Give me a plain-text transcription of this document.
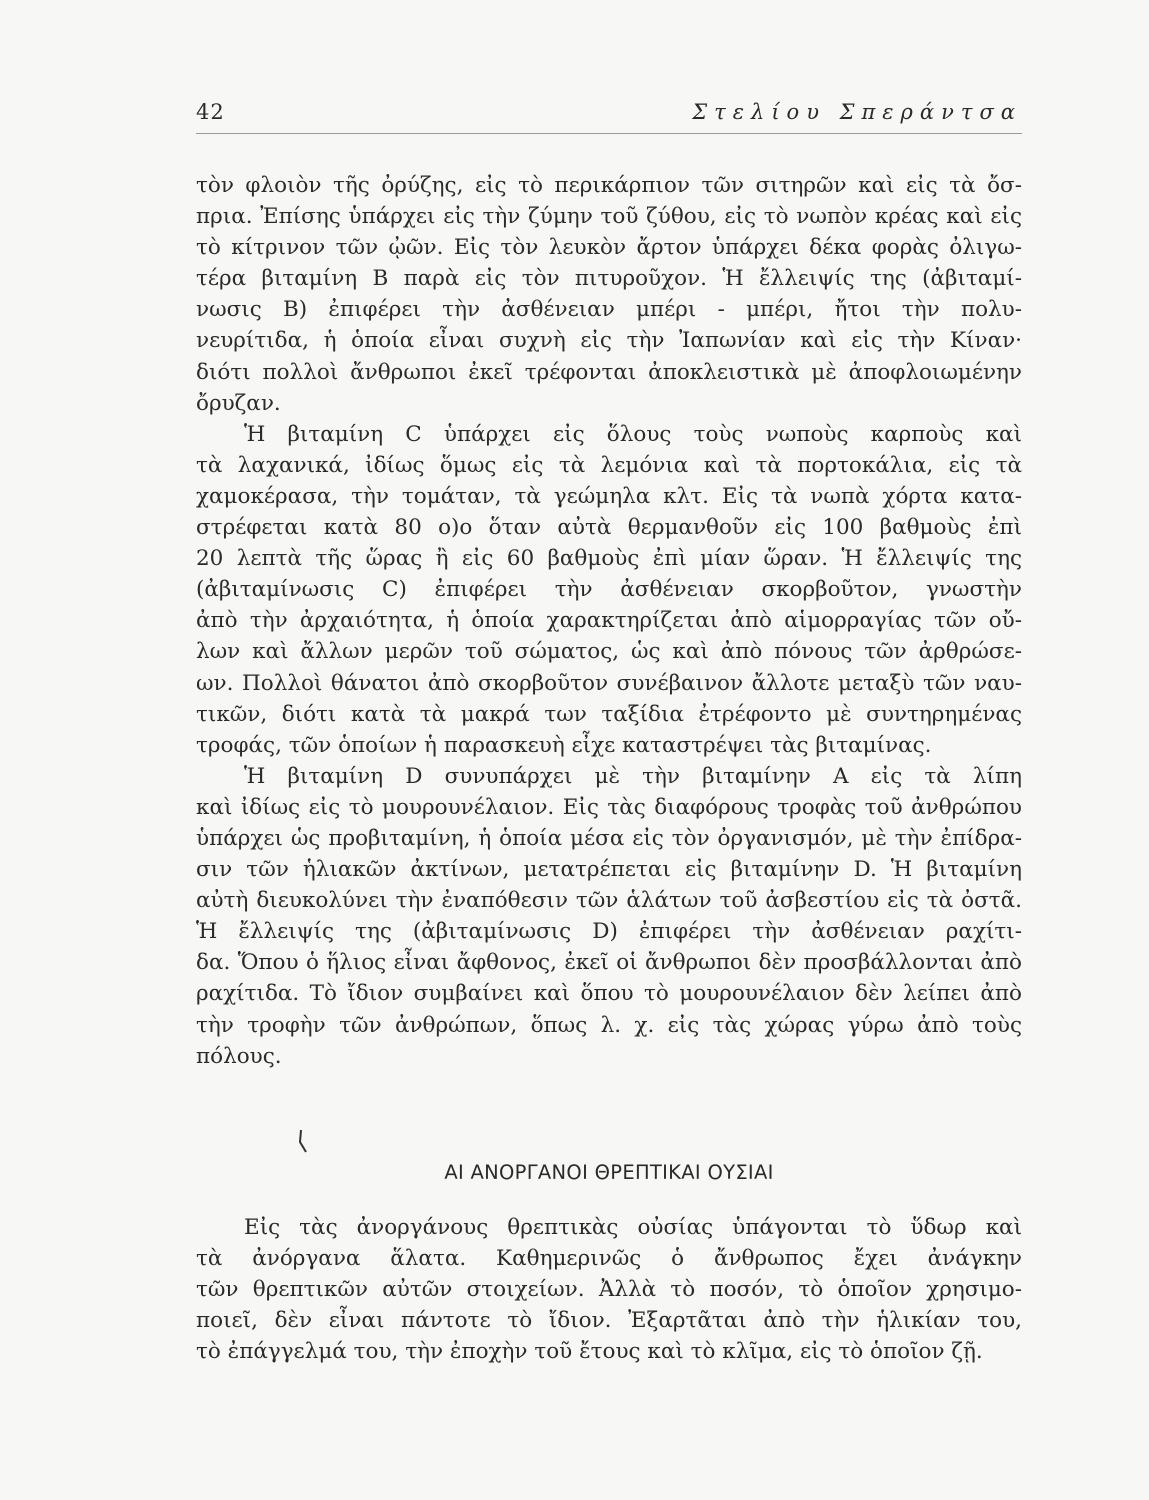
42	Στελίου Σπεράντσα
τὸν φλοιὸν τῆς ὀρύζης, εἰς τὸ περικάρπιον τῶν σιτηρῶν καὶ εἰς τὰ ὄσ-
πρια. Ἐπίσης ὑπάρχει εἰς τὴν ζύμην τοῦ ζύθου, εἰς τὸ νωπὸν κρέας καὶ εἰς
τὸ κίτρινον τῶν ᾠῶν. Εἰς τὸν λευκὸν ἄρτον ὑπάρχει δέκα φορὰς ὀλιγω-
τέρα βιταμίνη B παρὰ εἰς τὸν πιτυροῦχον. Ἡ ἔλλειψίς της (ἀβιταμί-
νωσις B) ἐπιφέρει τὴν ἀσθένειαν μπέρι - μπέρι, ἤτοι τὴν πολυ-
νευρίτιδα, ἡ ὁποία εἶναι συχνὴ εἰς τὴν Ἰαπωνίαν καὶ εἰς τὴν Κίναν·
διότι πολλοὶ ἄνθρωποι ἐκεῖ τρέφονται ἀποκλειστικὰ μὲ ἀποφλοιωμένην
ὄρυζαν.
Ἡ βιταμίνη C ὑπάρχει εἰς ὅλους τοὺς νωποὺς καρποὺς καὶ
τὰ λαχανικά, ἰδίως ὅμως εἰς τὰ λεμόνια καὶ τὰ πορτοκάλια, εἰς τὰ
χαμοκέρασα, τὴν τομάταν, τὰ γεώμηλα κλτ. Εἰς τὰ νωπὰ χόρτα κατα-
στρέφεται κατὰ 80 ο)ο ὅταν αὐτὰ θερμανθοῦν εἰς 100 βαθμοὺς ἐπὶ
20 λεπτὰ τῆς ὥρας ἢ εἰς 60 βαθμοὺς ἐπὶ μίαν ὥραν. Ἡ ἔλλειψίς της
(ἀβιταμίνωσις C) ἐπιφέρει τὴν ἀσθένειαν σκορβοῦτον, γνωστὴν
ἀπὸ τὴν ἀρχαιότητα, ἡ ὁποία χαρακτηρίζεται ἀπὸ αἱμορραγίας τῶν οὔ-
λων καὶ ἄλλων μερῶν τοῦ σώματος, ὡς καὶ ἀπὸ πόνους τῶν ἀρθρώσε-
ων. Πολλοὶ θάνατοι ἀπὸ σκορβοῦτον συνέβαινον ἄλλοτε μεταξὺ τῶν ναυ-
τικῶν, διότι κατὰ τὰ μακρά των ταξίδια ἐτρέφοντο μὲ συντηρημένας
τροφάς, τῶν ὁποίων ἡ παρασκευὴ εἶχε καταστρέψει τὰς βιταμίνας.
Ἡ βιταμίνη D συνυπάρχει μὲ τὴν βιταμίνην A εἰς τὰ λίπη
καὶ ἰδίως εἰς τὸ μουρουνέλαιον. Εἰς τὰς διαφόρους τροφὰς τοῦ ἀνθρώπου
ὑπάρχει ὡς προβιταμίνη, ἡ ὁποία μέσα εἰς τὸν ὀργανισμόν, μὲ τὴν ἐπίδρα-
σιν τῶν ἡλιακῶν ἀκτίνων, μετατρέπεται εἰς βιταμίνην D. Ἡ βιταμίνη
αὐτὴ διευκολύνει τὴν ἐναπόθεσιν τῶν ἁλάτων τοῦ ἀσβεστίου εἰς τὰ ὀστᾶ.
Ἡ ἔλλειψίς της (ἀβιταμίνωσις D) ἐπιφέρει τὴν ἀσθένειαν ραχίτι-
δα. Ὅπου ὁ ἥλιος εἶναι ἄφθονος, ἐκεῖ οἱ ἄνθρωποι δὲν προσβάλλονται ἀπὸ
ραχίτιδα. Τὸ ἴδιον συμβαίνει καὶ ὅπου τὸ μουρουνέλαιον δὲν λείπει ἀπὸ
τὴν τροφὴν τῶν ἀνθρώπων, ὅπως λ. χ. εἰς τὰς χώρας γύρω ἀπὸ τοὺς
πόλους.
ΑΙ ΑΝΟΡΓΑΝΟΙ ΘΡΕΠΤΙΚΑΙ ΟΥΣΙΑΙ
Εἰς τὰς ἀνοργάνους θρεπτικὰς οὐσίας ὑπάγονται τὸ ὕδωρ καὶ
τὰ ἀνόργανα ἅλατα. Καθημερινῶς ὁ ἄνθρωπος ἔχει ἀνάγκην
τῶν θρεπτικῶν αὐτῶν στοιχείων. Ἀλλὰ τὸ ποσόν, τὸ ὁποῖον χρησιμο-
ποιεῖ, δὲν εἶναι πάντοτε τὸ ἴδιον. Ἐξαρτᾶται ἀπὸ τὴν ἡλικίαν του,
τὸ ἐπάγγελμά του, τὴν ἐποχὴν τοῦ ἔτους καὶ τὸ κλῖμα, εἰς τὸ ὁποῖον ζῇ.
